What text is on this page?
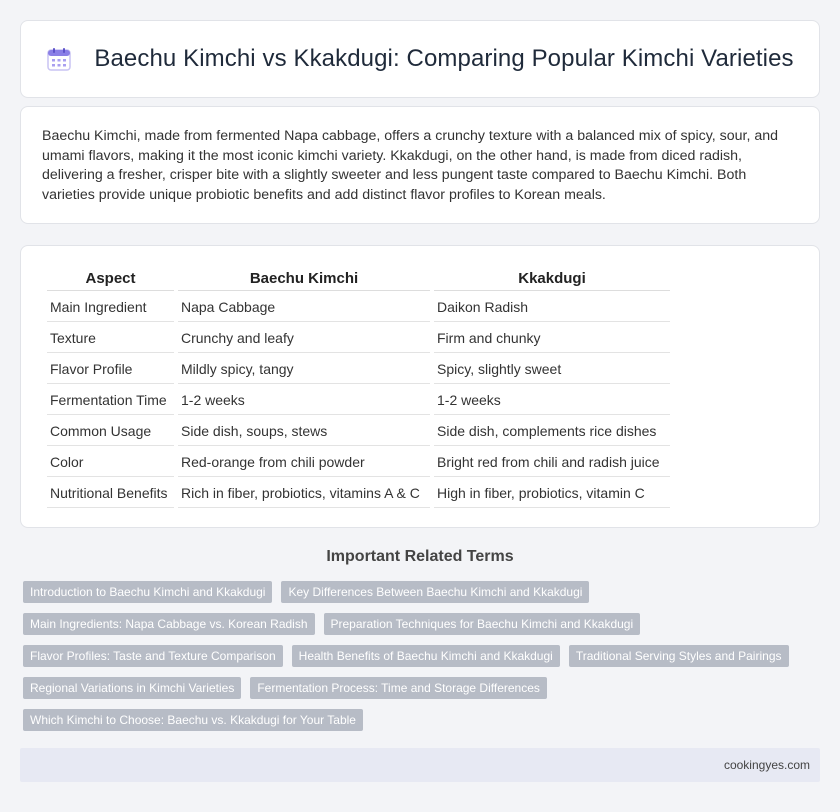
Baechu Kimchi vs Kkakdugi: Comparing Popular Kimchi Varieties

Baechu Kimchi, made from fermented Napa cabbage, offers a crunchy texture with a balanced mix of spicy, sour, and umami flavors, making it the most iconic kimchi variety. Kkakdugi, on the other hand, is made from diced radish, delivering a fresher, crisper bite with a slightly sweeter and less pungent taste compared to Baechu Kimchi. Both varieties provide unique probiotic benefits and add distinct flavor profiles to Korean meals.

Aspect	Baechu Kimchi	Kkakdugi
Main Ingredient	Napa Cabbage	Daikon Radish
Texture	Crunchy and leafy	Firm and chunky
Flavor Profile	Mildly spicy, tangy	Spicy, slightly sweet
Fermentation Time	1-2 weeks	1-2 weeks
Common Usage	Side dish, soups, stews	Side dish, complements rice dishes
Color	Red-orange from chili powder	Bright red from chili and radish juice
Nutritional Benefits	Rich in fiber, probiotics, vitamins A & C	High in fiber, probiotics, vitamin C
Important Related Terms
Introduction to Baechu Kimchi and Kkakdugi	Key Differences Between Baechu Kimchi and Kkakdugi
Main Ingredients: Napa Cabbage vs. Korean Radish	Preparation Techniques for Baechu Kimchi and Kkakdugi
Flavor Profiles: Taste and Texture Comparison	Health Benefits of Baechu Kimchi and Kkakdugi	Traditional Serving Styles and Pairings
Regional Variations in Kimchi Varieties	Fermentation Process: Time and Storage Differences
Which Kimchi to Choose: Baechu vs. Kkakdugi for Your Table
cookingyes.com
